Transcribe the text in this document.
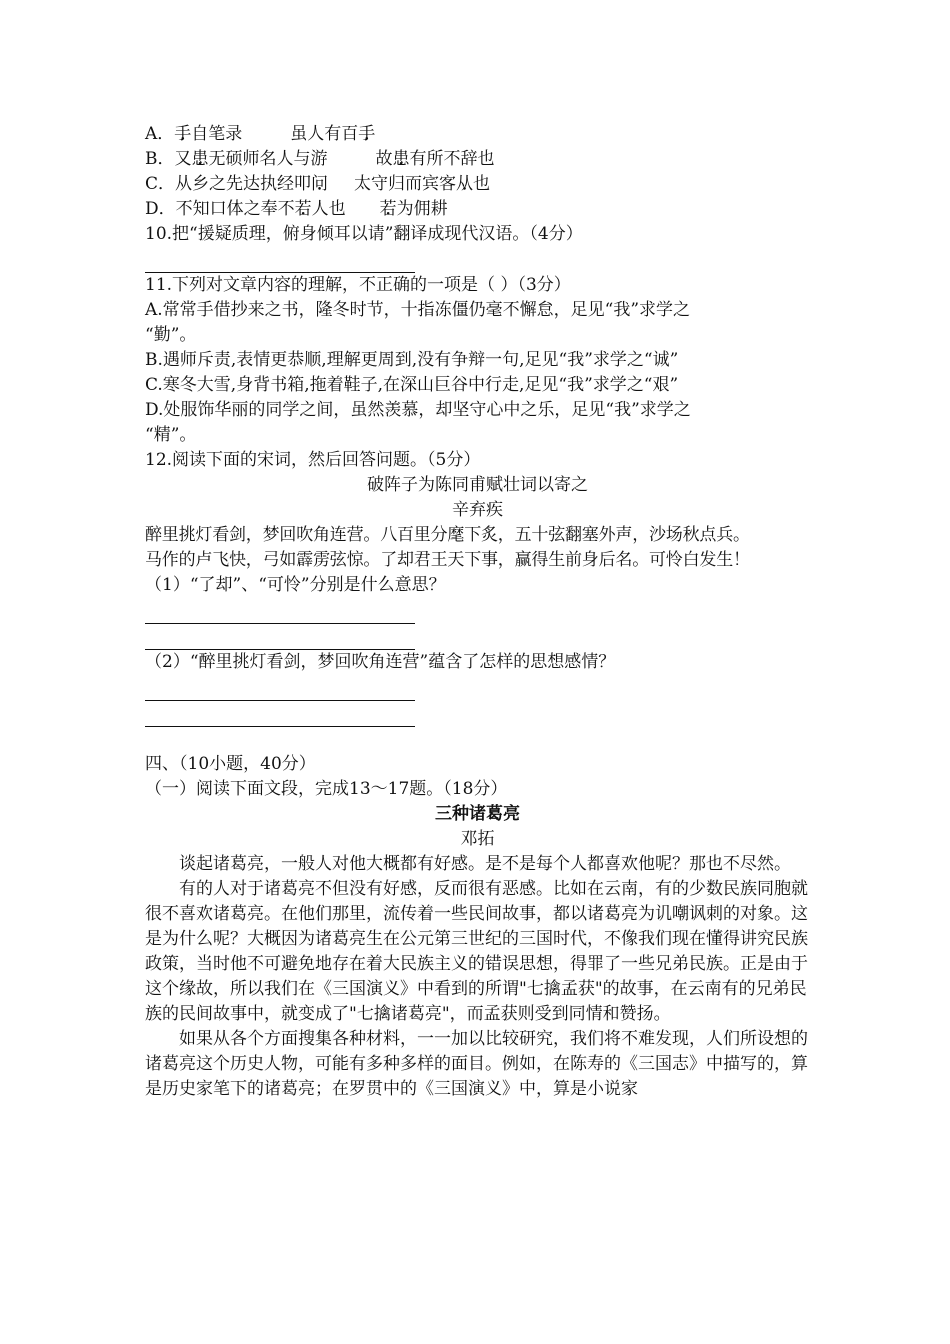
A．手自笔录	虽人有百手
B．又患无硕师名人与游	故患有所不辞也
C．从乡之先达执经叩问 太守归而宾客从也
D．不知口体之奉不若人也 若为佣耕
10.把“援疑质理，俯身倾耳以请”翻译成现代汉语。（4分）
11.下列对文章内容的理解，不正确的一项是（ ）（3分）
A.常常手借抄来之书，隆冬时节，十指冻僵仍毫不懈怠，足见“我”求学之
“勤”。
B.遇师斥责,表情更恭顺,理解更周到,没有争辩一句,足见“我”求学之“诚”
C.寒冬大雪,身背书箱,拖着鞋子,在深山巨谷中行走,足见“我”求学之“艰”
D.处服饰华丽的同学之间，虽然羡慕，却坚守心中之乐，足见“我”求学之
“精”。
12.阅读下面的宋词，然后回答问题。（5分）
破阵子为陈同甫赋壮词以寄之
辛弃疾
醉里挑灯看剑，梦回吹角连营。八百里分麾下炙，五十弦翻塞外声，沙场秋点兵。
马作的卢飞快，弓如霹雳弦惊。了却君王天下事，赢得生前身后名。可怜白发生！
（1）“了却”、“可怜”分别是什么意思？
（2）“醉里挑灯看剑，梦回吹角连营”蕴含了怎样的思想感情？
四、（10小题，40分）
（一）阅读下面文段，完成13～17题。（18分）
三种诸葛亮
邓拓
谈起诸葛亮，一般人对他大概都有好感。是不是每个人都喜欢他呢？那也不尽然。
有的人对于诸葛亮不但没有好感，反而很有恶感。比如在云南，有的少数民族同胞就很不喜欢诸葛亮。在他们那里，流传着一些民间故事，都以诸葛亮为讥嘲讽刺的对象。这是为什么呢？大概因为诸葛亮生在公元第三世纪的三国时代，不像我们现在懂得讲究民族政策，当时他不可避免地存在着大民族主义的错误思想，得罪了一些兄弟民族。正是由于这个缘故，所以我们在《三国演义》中看到的所谓"七擒孟获"的故事，在云南有的兄弟民族的民间故事中，就变成了"七擒诸葛亮"，而孟获则受到同情和赞扬。
如果从各个方面搜集各种材料，一一加以比较研究，我们将不难发现，人们所设想的诸葛亮这个历史人物，可能有多种多样的面目。例如，在陈寿的《三国志》中描写的，算是历史家笔下的诸葛亮；在罗贯中的《三国演义》中，算是小说家
